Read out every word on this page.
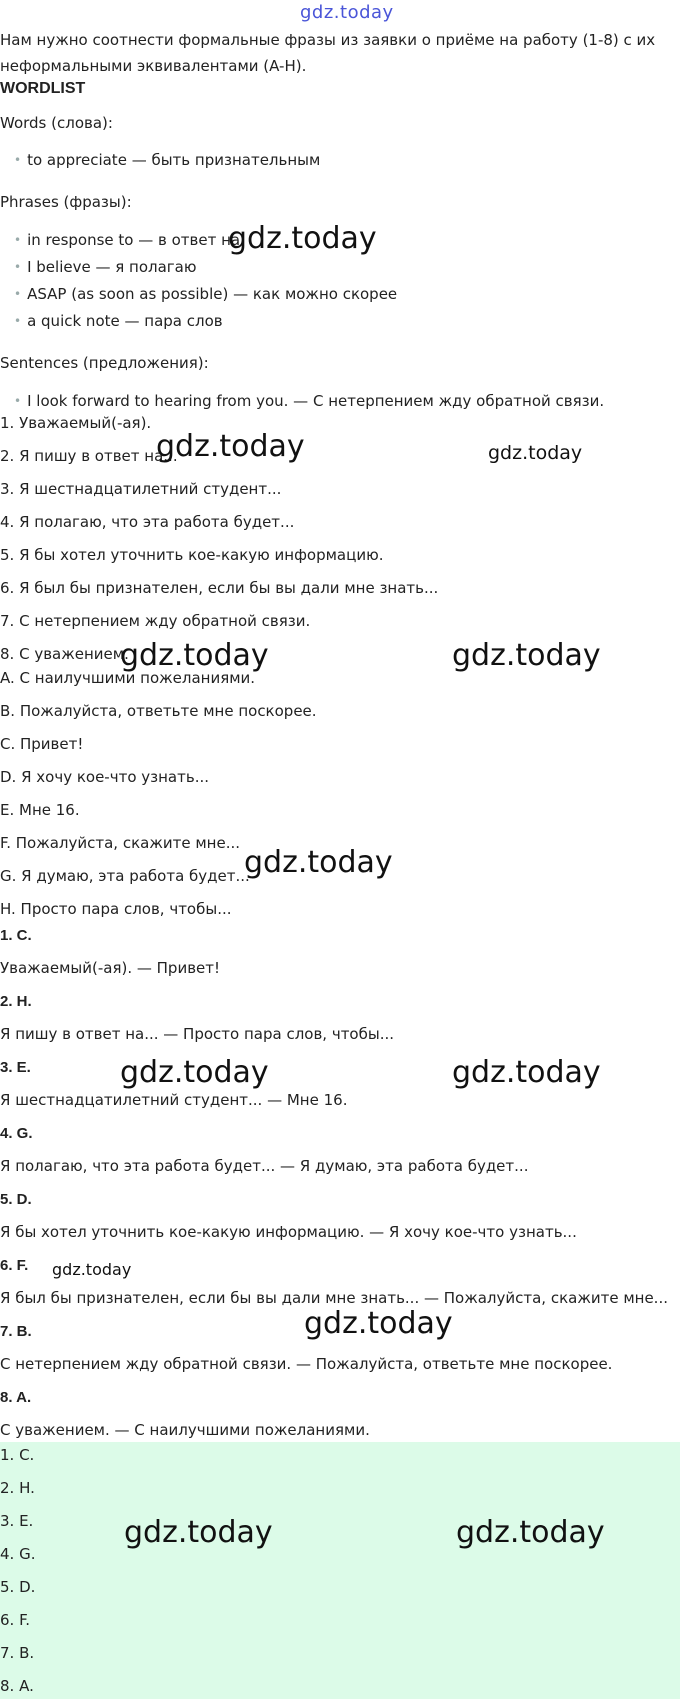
gdz.today
Нам нужно соотнести формальные фразы из заявки о приёме на работу (1-8) с их неформальными эквивалентами (A-H).
WORDLIST
Words (слова):
• to appreciate — быть признательным
Phrases (фразы):
• in response to — в ответ на
• I believe — я полагаю
• ASAP (as soon as possible) — как можно скорее
• a quick note — пара слов
Sentences (предложения):
• I look forward to hearing from you. — С нетерпением жду обратной связи.
1. Уважаемый(-ая).
2. Я пишу в ответ на...
3. Я шестнадцатилетний студент...
4. Я полагаю, что эта работа будет...
5. Я бы хотел уточнить кое-какую информацию.
6. Я был бы признателен, если бы вы дали мне знать...
7. С нетерпением жду обратной связи.
8. С уважением.
A. С наилучшими пожеланиями.
B. Пожалуйста, ответьте мне поскорее.
C. Привет!
D. Я хочу кое-что узнать...
E. Мне 16.
F. Пожалуйста, скажите мне...
G. Я думаю, эта работа будет...
H. Просто пара слов, чтобы...
1. C.
Уважаемый(-ая). — Привет!
2. H.
Я пишу в ответ на... — Просто пара слов, чтобы...
3. E.
Я шестнадцатилетний студент... — Мне 16.
4. G.
Я полагаю, что эта работа будет... — Я думаю, эта работа будет...
5. D.
Я бы хотел уточнить кое-какую информацию. — Я хочу кое-что узнать...
6. F.
Я был бы признателен, если бы вы дали мне знать... — Пожалуйста, скажите мне...
7. B.
С нетерпением жду обратной связи. — Пожалуйста, ответьте мне поскорее.
8. A.
С уважением. — С наилучшими пожеланиями.
1. C.
2. H.
3. E.
4. G.
5. D.
6. F.
7. B.
8. A.
gdz.today
gdz.today	gdz.today
gdz.today	gdz.today
gdz.today
gdz.today	gdz.today
gdz.today
gdz.today
gdz.today	gdz.today
